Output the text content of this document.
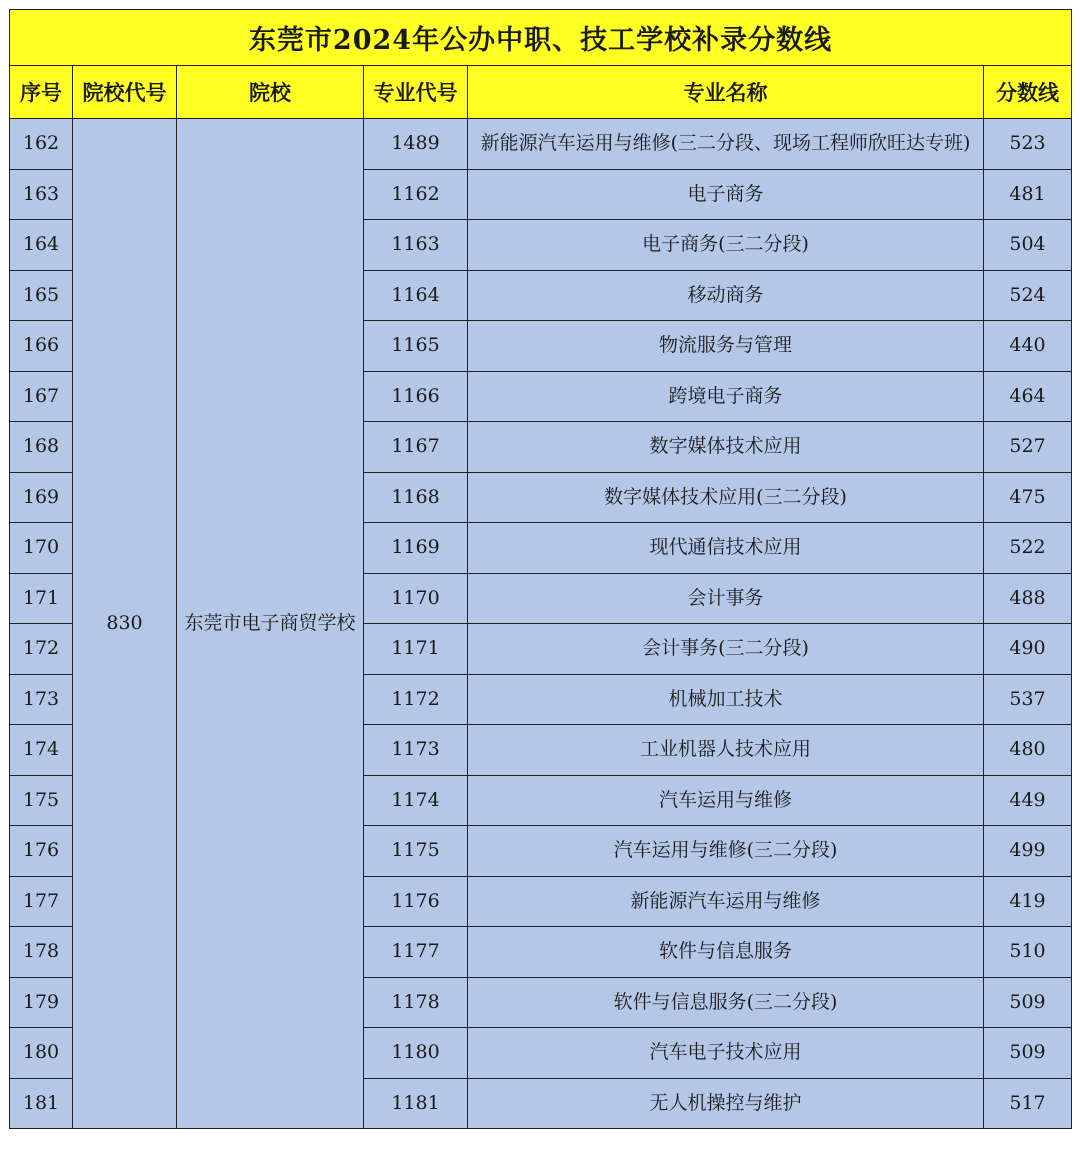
东莞市2024年公办中职、技工学校补录分数线					
序号	院校代号	院校	专业代号	专业名称	分数线
162	830	东莞市电子商贸学校	1489	新能源汽车运用与维修(三二分段、现场工程师欣旺达专班)	523
163			1162	电子商务	481
164			1163	电子商务(三二分段)	504
165			1164	移动商务	524
166			1165	物流服务与管理	440
167			1166	跨境电子商务	464
168			1167	数字媒体技术应用	527
169			1168	数字媒体技术应用(三二分段)	475
170			1169	现代通信技术应用	522
171			1170	会计事务	488
172			1171	会计事务(三二分段)	490
173			1172	机械加工技术	537
174			1173	工业机器人技术应用	480
175			1174	汽车运用与维修	449
176			1175	汽车运用与维修(三二分段)	499
177			1176	新能源汽车运用与维修	419
178			1177	软件与信息服务	510
179			1178	软件与信息服务(三二分段)	509
180			1180	汽车电子技术应用	509
181			1181	无人机操控与维护	517
